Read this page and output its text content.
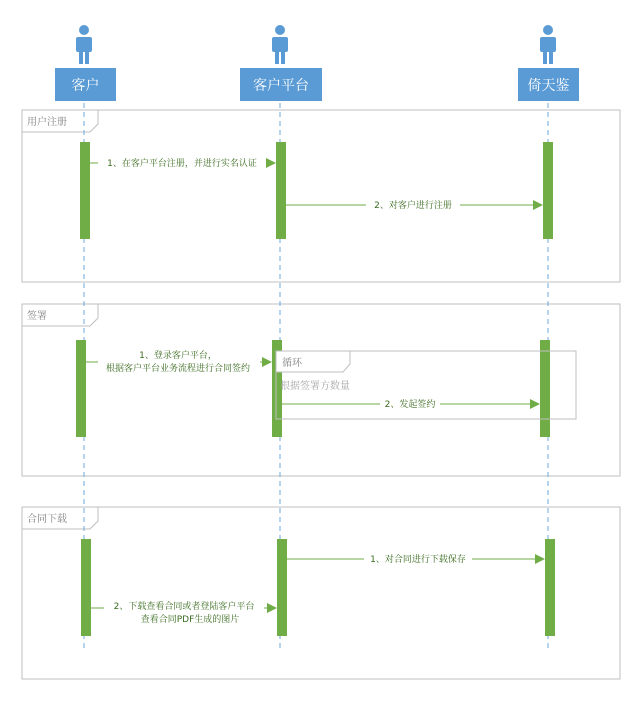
用户注册
签署
合同下载
客户	客户平台	倚天鉴
循环
根据签署方数量
1、在客户平台注册，并进行实名认证
2、对客户进行注册
1、登录客户平台，
根据客户平台业务流程进行合同签约
2、发起签约
1、对合同进行下载保存
2、下载查看合同或者登陆客户平台
查看合同PDF生成的图片
